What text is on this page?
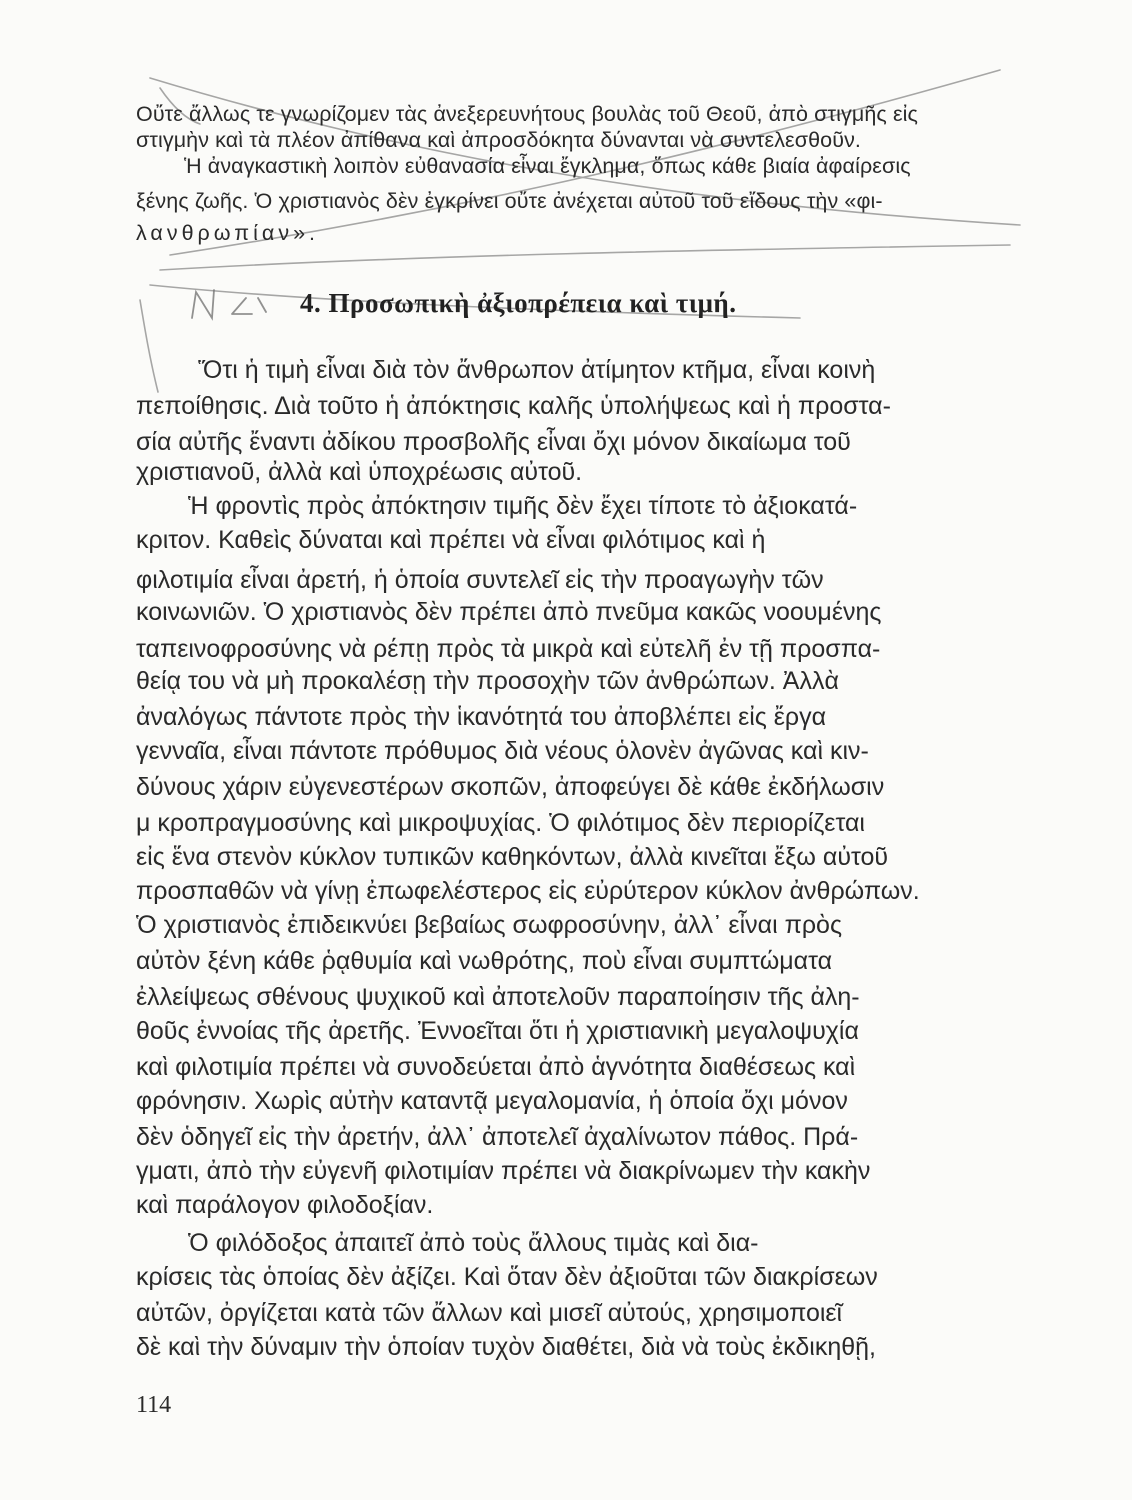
Οὔτε ἄλλως τε γνωρίζομεν τὰς ἀνεξερευνήτους βουλὰς τοῦ Θεοῦ, ἀπὸ στιγμῆς εἰς
στιγμὴν καὶ τὰ πλέον ἀπίθανα καὶ ἀπροσδόκητα δύνανται νὰ συντελεσθοῦν.
Ἡ ἀναγκαστικὴ λοιπὸν εὐθανασία εἶναι ἔγκλημα, ὅπως κάθε βιαία ἀφαίρεσις
ξένης ζωῆς. Ὁ χριστιανὸς δὲν ἐγκρίνει οὔτε ἀνέχεται αὐτοῦ τοῦ εἴδους τὴν «φι-
λανθρωπίαν».
4. Προσωπικὴ ἀξιοπρέπεια καὶ τιμή.
Ὅτι ἡ τιμὴ εἶναι διὰ τὸν ἄνθρωπον ἀτίμητον κτῆμα, εἶναι κοινὴ
πεποίθησις. Διὰ τοῦτο ἡ ἀπόκτησις καλῆς ὑπολήψεως καὶ ἡ προστα-
σία αὐτῆς ἔναντι ἀδίκου προσβολῆς εἶναι ὄχι μόνον δικαίωμα τοῦ
χριστιανοῦ, ἀλλὰ καὶ ὑποχρέωσις αὐτοῦ.
Ἡ φροντὶς πρὸς ἀπόκτησιν τιμῆς δὲν ἔχει τίποτε τὸ ἀξιοκατά-
κριτον. Καθεὶς δύναται καὶ πρέπει νὰ εἶναι φιλότιμος καὶ ἡ
φιλοτιμία εἶναι ἀρετή, ἡ ὁποία συντελεῖ εἰς τὴν προαγωγὴν τῶν
κοινωνιῶν. Ὁ χριστιανὸς δὲν πρέπει ἀπὸ πνεῦμα κακῶς νοουμένης
ταπεινοφροσύνης νὰ ρέπῃ πρὸς τὰ μικρὰ καὶ εὐτελῆ ἐν τῇ προσπα-
θείᾳ του νὰ μὴ προκαλέσῃ τὴν προσοχὴν τῶν ἀνθρώπων. Ἀλλὰ
ἀναλόγως πάντοτε πρὸς τὴν ἱκανότητά του ἀποβλέπει εἰς ἔργα
γενναῖα, εἶναι πάντοτε πρόθυμος διὰ νέους ὁλονὲν ἀγῶνας καὶ κιν-
δύνους χάριν εὐγενεστέρων σκοπῶν, ἀποφεύγει δὲ κάθε ἐκδήλωσιν
μ κροπραγμοσύνης καὶ μικροψυχίας. Ὁ φιλότιμος δὲν περιορίζεται
εἰς ἕνα στενὸν κύκλον τυπικῶν καθηκόντων, ἀλλὰ κινεῖται ἔξω αὐτοῦ
προσπαθῶν νὰ γίνῃ ἐπωφελέστερος εἰς εὐρύτερον κύκλον ἀνθρώπων.
Ὁ χριστιανὸς ἐπιδεικνύει βεβαίως σωφροσύνην, ἀλλ᾽ εἶναι πρὸς
αὐτὸν ξένη κάθε ῥᾳθυμία καὶ νωθρότης, ποὺ εἶναι συμπτώματα
ἐλλείψεως σθένους ψυχικοῦ καὶ ἀποτελοῦν παραποίησιν τῆς ἀλη-
θοῦς ἐννοίας τῆς ἀρετῆς. Ἐννοεῖται ὅτι ἡ χριστιανικὴ μεγαλοψυχία
καὶ φιλοτιμία πρέπει νὰ συνοδεύεται ἀπὸ ἁγνότητα διαθέσεως καὶ
φρόνησιν. Χωρὶς αὐτὴν καταντᾷ μεγαλομανία, ἡ ὁποία ὄχι μόνον
δὲν ὁδηγεῖ εἰς τὴν ἀρετήν, ἀλλ᾽ ἀποτελεῖ ἀχαλίνωτον πάθος. Πρά-
γματι, ἀπὸ τὴν εὐγενῆ φιλοτιμίαν πρέπει νὰ διακρίνωμεν τὴν κακὴν
καὶ παράλογον φιλοδοξίαν.
Ὁ φιλόδοξος ἀπαιτεῖ ἀπὸ τοὺς ἄλλους τιμὰς καὶ δια-
κρίσεις τὰς ὁποίας δὲν ἀξίζει. Καὶ ὅταν δὲν ἀξιοῦται τῶν διακρίσεων
αὐτῶν, ὀργίζεται κατὰ τῶν ἄλλων καὶ μισεῖ αὐτούς, χρησιμοποιεῖ
δὲ καὶ τὴν δύναμιν τὴν ὁποίαν τυχὸν διαθέτει, διὰ νὰ τοὺς ἐκδικηθῇ,
114
